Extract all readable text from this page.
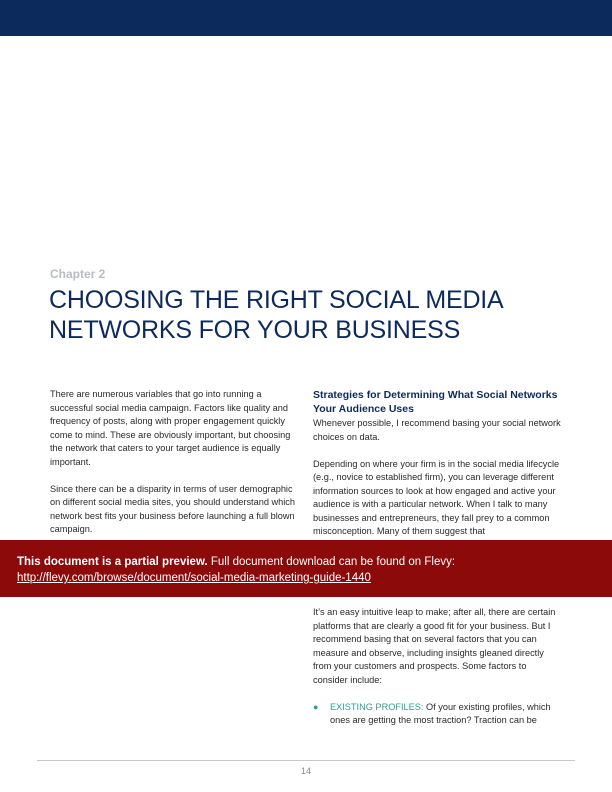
Chapter 2
CHOOSING THE RIGHT SOCIAL MEDIA
NETWORKS FOR YOUR BUSINESS

There are numerous variables that go into running a successful social media campaign. Factors like quality and frequency of posts, along with proper engagement quickly come to mind. These are obviously important, but choosing the network that caters to your target audience is equally important.

Since there can be a disparity in terms of user demographic on different social media sites, you should understand which network best fits your business before launching a full blown campaign.

Strategies for Determining What Social Networks Your Audience Uses

Whenever possible, I recommend basing your social network choices on data.

Depending on where your firm is in the social media lifecycle (e.g., novice to established firm), you can leverage different information sources to look at how engaged and active your audience is with a particular network. When I talk to many businesses and entrepreneurs, they fall prey to a common misconception. Many of them suggest that

This document is a partial preview. Full document download can be found on Flevy:
http://flevy.com/browse/document/social-media-marketing-guide-1440

It’s an easy intuitive leap to make; after all, there are certain platforms that are clearly a good fit for your business. But I recommend basing that on several factors that you can measure and observe, including insights gleaned directly from your customers and prospects. Some factors to consider include:

● EXISTING PROFILES: Of your existing profiles, which ones are getting the most traction? Traction can be
14
